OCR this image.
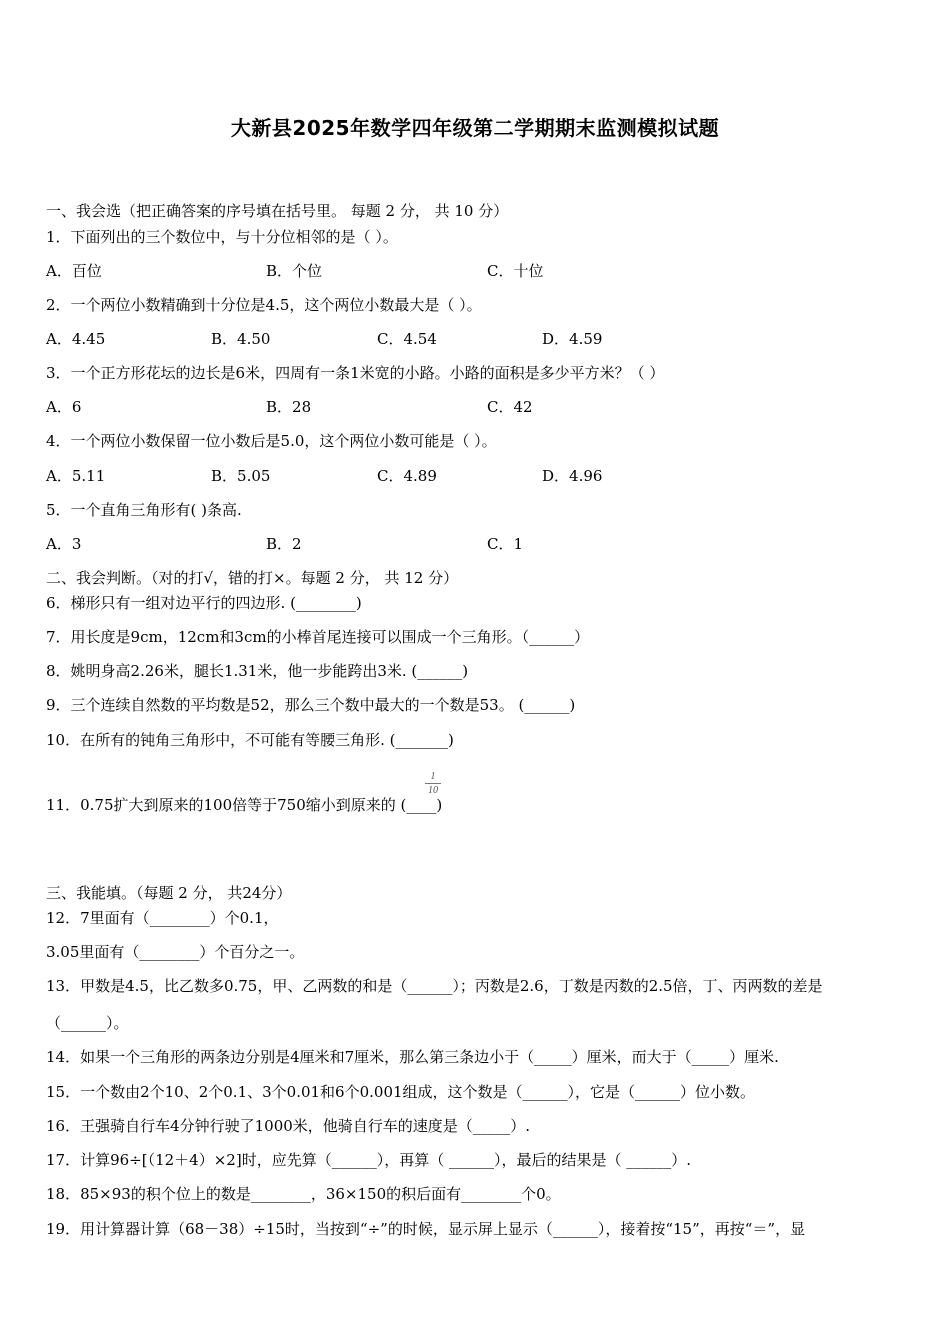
大新县2025年数学四年级第二学期期末监测模拟试题
一、我会选（把正确答案的序号填在括号里。 每题 2 分， 共 10 分）
1．下面列出的三个数位中，与十分位相邻的是（ ）。
A．百位	B．个位	C．十位
2．一个两位小数精确到十分位是4.5，这个两位小数最大是（ ）。
A．4.45	B．4.50	C．4.54	D．4.59
3．一个正方形花坛的边长是6米，四周有一条1米宽的小路。小路的面积是多少平方米？（ ）
A．6	B．28	C．42
4．一个两位小数保留一位小数后是5.0，这个两位小数可能是（ ）。
A．5.11	B．5.05	C．4.89	D．4.96
5．一个直角三角形有( )条高.
A．3	B．2	C．1
二、我会判断。（对的打√，错的打×。每题 2 分， 共 12 分）
6．梯形只有一组对边平行的四边形. (________)
7．用长度是9cm，12cm和3cm的小棒首尾连接可以围成一个三角形。（______）
8．姚明身高2.26米，腿长1.31米，他一步能跨出3米. (______)
9．三个连续自然数的平均数是52，那么三个数中最大的一个数是53。 (______)
10．在所有的钝角三角形中，不可能有等腰三角形. (_______)
11．0.75扩大到原来的100倍等于750缩小到原来的 (____)
1
10
三、我能填。（每题 2 分， 共24分）
12．7里面有（________）个0.1，
3.05里面有（________）个百分之一。
13．甲数是4.5，比乙数多0.75，甲、乙两数的和是（______）；丙数是2.6，丁数是丙数的2.5倍，丁、丙两数的差是
（______）。
14．如果一个三角形的两条边分别是4厘米和7厘米，那么第三条边小于（_____）厘米，而大于（_____）厘米.
15．一个数由2个10、2个0.1、3个0.01和6个0.001组成，这个数是（______），它是（______）位小数。
16．王强骑自行车4分钟行驶了1000米，他骑自行车的速度是（_____）.
17．计算96÷[（12＋4）×2]时，应先算（______），再算（ ______），最后的结果是（ ______）.
18．85×93的积个位上的数是________，36×150的积后面有________个0。
19．用计算器计算（68－38）÷15时，当按到“÷”的时候，显示屏上显示（______），接着按“15”，再按“＝”，显
